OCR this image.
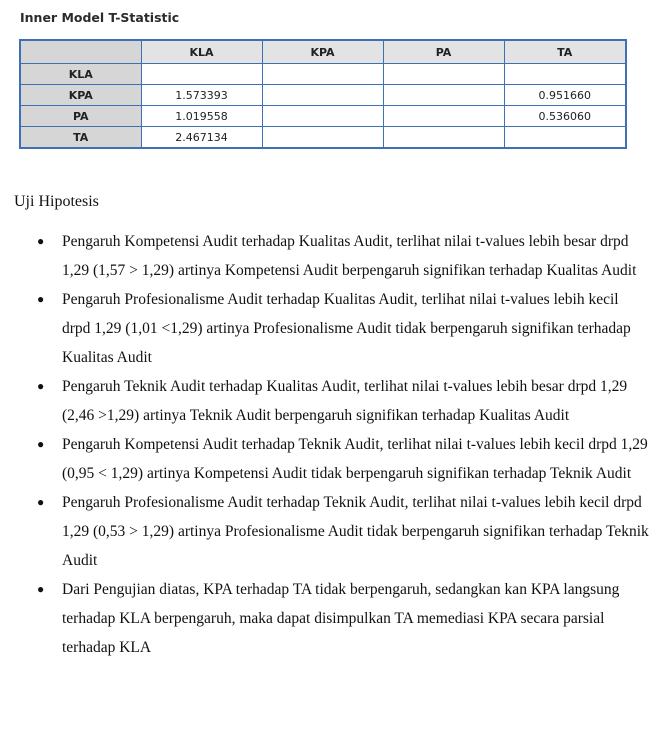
Inner Model T-Statistic
	KLA	KPA	PA	TA
KLA				
KPA	1.573393			0.951660
PA	1.019558			0.536060
TA	2.467134			

Uji Hipotesis

● Pengaruh Kompetensi Audit terhadap Kualitas Audit, terlihat nilai t-values lebih besar drpd 1,29 (1,57 > 1,29) artinya Kompetensi Audit berpengaruh signifikan terhadap Kualitas Audit
● Pengaruh Profesionalisme Audit terhadap Kualitas Audit, terlihat nilai t-values lebih kecil drpd 1,29 (1,01 <1,29) artinya Profesionalisme Audit tidak berpengaruh signifikan terhadap Kualitas Audit
● Pengaruh Teknik Audit terhadap Kualitas Audit, terlihat nilai t-values lebih besar drpd 1,29 (2,46 >1,29) artinya Teknik Audit berpengaruh signifikan terhadap Kualitas Audit
● Pengaruh Kompetensi Audit terhadap Teknik Audit, terlihat nilai t-values lebih kecil drpd 1,29 (0,95 < 1,29) artinya Kompetensi Audit tidak berpengaruh signifikan terhadap Teknik Audit
● Pengaruh Profesionalisme Audit terhadap Teknik Audit, terlihat nilai t-values lebih kecil drpd 1,29 (0,53 > 1,29) artinya Profesionalisme Audit tidak berpengaruh signifikan terhadap Teknik Audit
● Dari Pengujian diatas, KPA terhadap TA tidak berpengaruh, sedangkan kan KPA langsung terhadap KLA berpengaruh, maka dapat disimpulkan TA memediasi KPA secara parsial terhadap KLA
